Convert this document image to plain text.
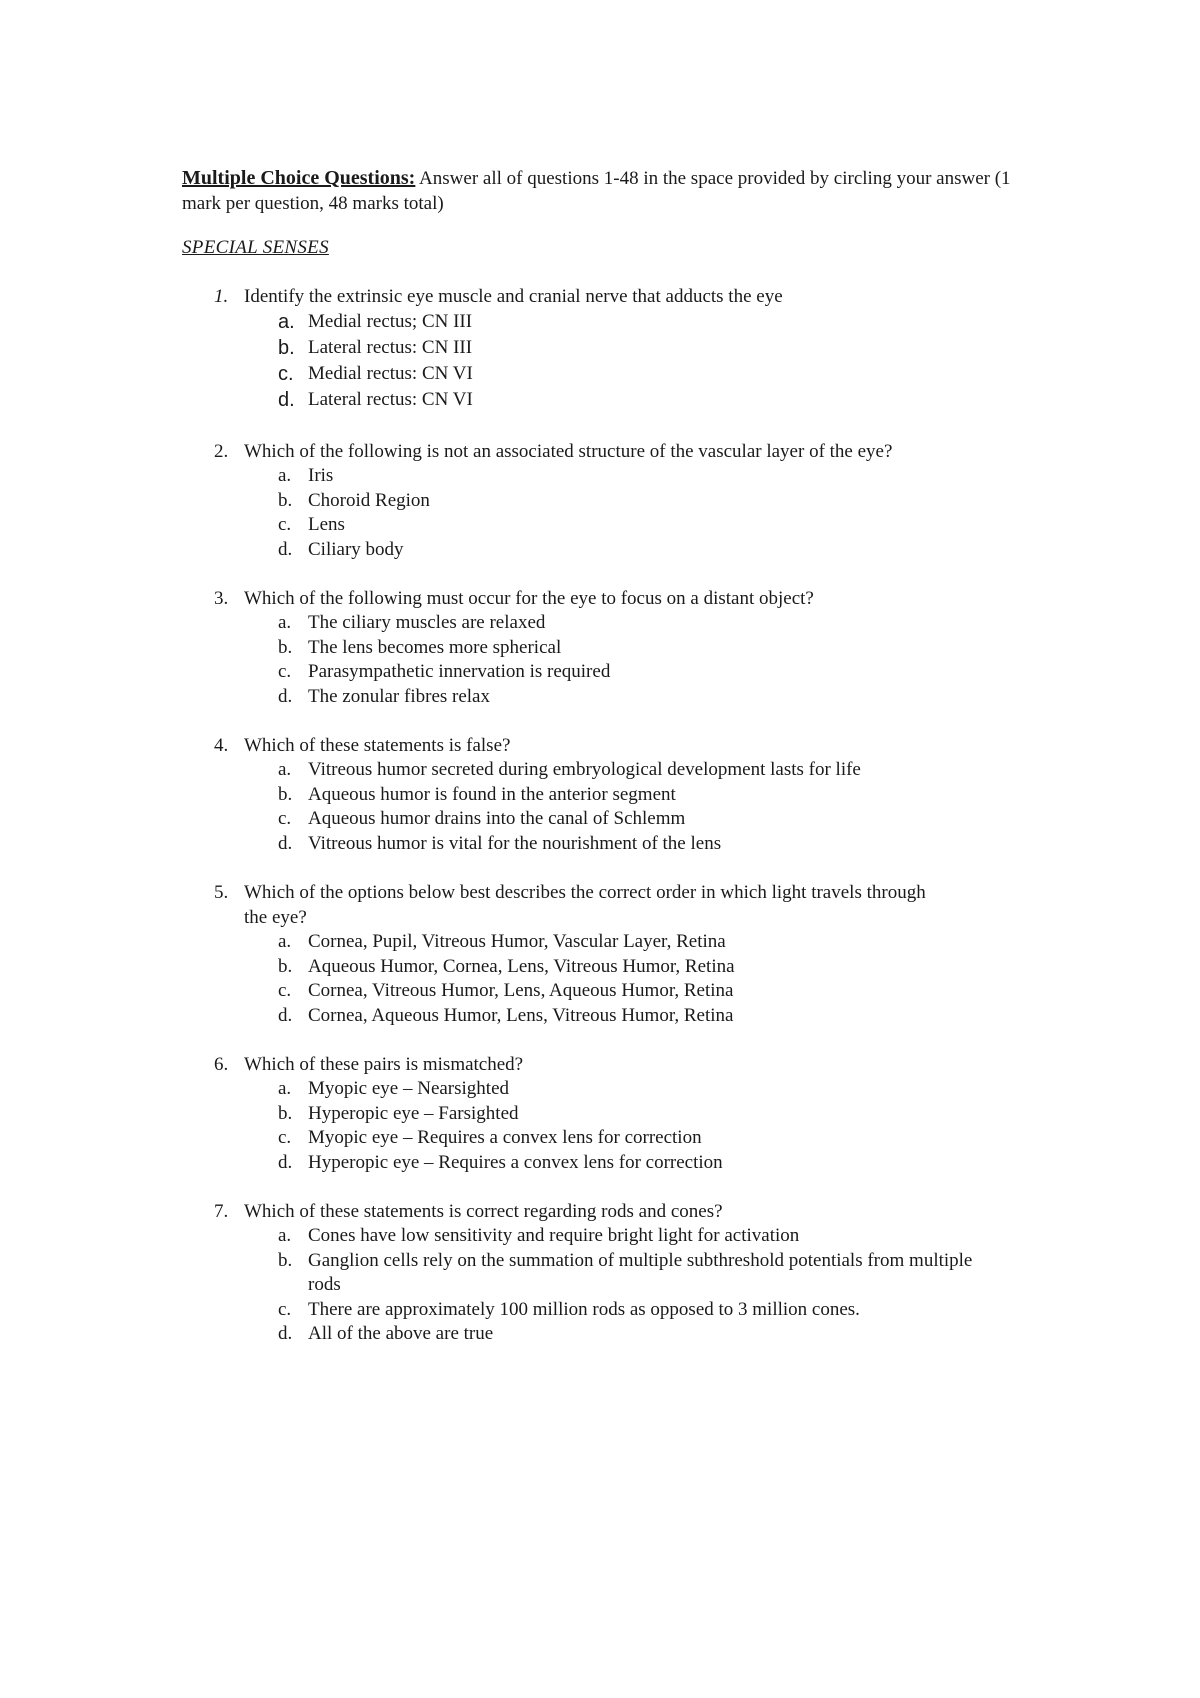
Multiple Choice Questions: Answer all of questions 1-48 in the space provided by circling your answer (1 mark per question, 48 marks total)
SPECIAL SENSES
1. Identify the extrinsic eye muscle and cranial nerve that adducts the eye
a. Medial rectus; CN III
b. Lateral rectus: CN III
c. Medial rectus: CN VI
d. Lateral rectus: CN VI
2. Which of the following is not an associated structure of the vascular layer of the eye?
a. Iris
b. Choroid Region
c. Lens
d. Ciliary body
3. Which of the following must occur for the eye to focus on a distant object?
a. The ciliary muscles are relaxed
b. The lens becomes more spherical
c. Parasympathetic innervation is required
d. The zonular fibres relax
4. Which of these statements is false?
a. Vitreous humor secreted during embryological development lasts for life
b. Aqueous humor is found in the anterior segment
c. Aqueous humor drains into the canal of Schlemm
d. Vitreous humor is vital for the nourishment of the lens
5. Which of the options below best describes the correct order in which light travels through the eye?
a. Cornea, Pupil, Vitreous Humor, Vascular Layer, Retina
b. Aqueous Humor, Cornea, Lens, Vitreous Humor, Retina
c. Cornea, Vitreous Humor, Lens, Aqueous Humor, Retina
d. Cornea, Aqueous Humor, Lens, Vitreous Humor, Retina
6. Which of these pairs is mismatched?
a. Myopic eye – Nearsighted
b. Hyperopic eye – Farsighted
c. Myopic eye – Requires a convex lens for correction
d. Hyperopic eye – Requires a convex lens for correction
7. Which of these statements is correct regarding rods and cones?
a. Cones have low sensitivity and require bright light for activation
b. Ganglion cells rely on the summation of multiple subthreshold potentials from multiple rods
c. There are approximately 100 million rods as opposed to 3 million cones.
d. All of the above are true
